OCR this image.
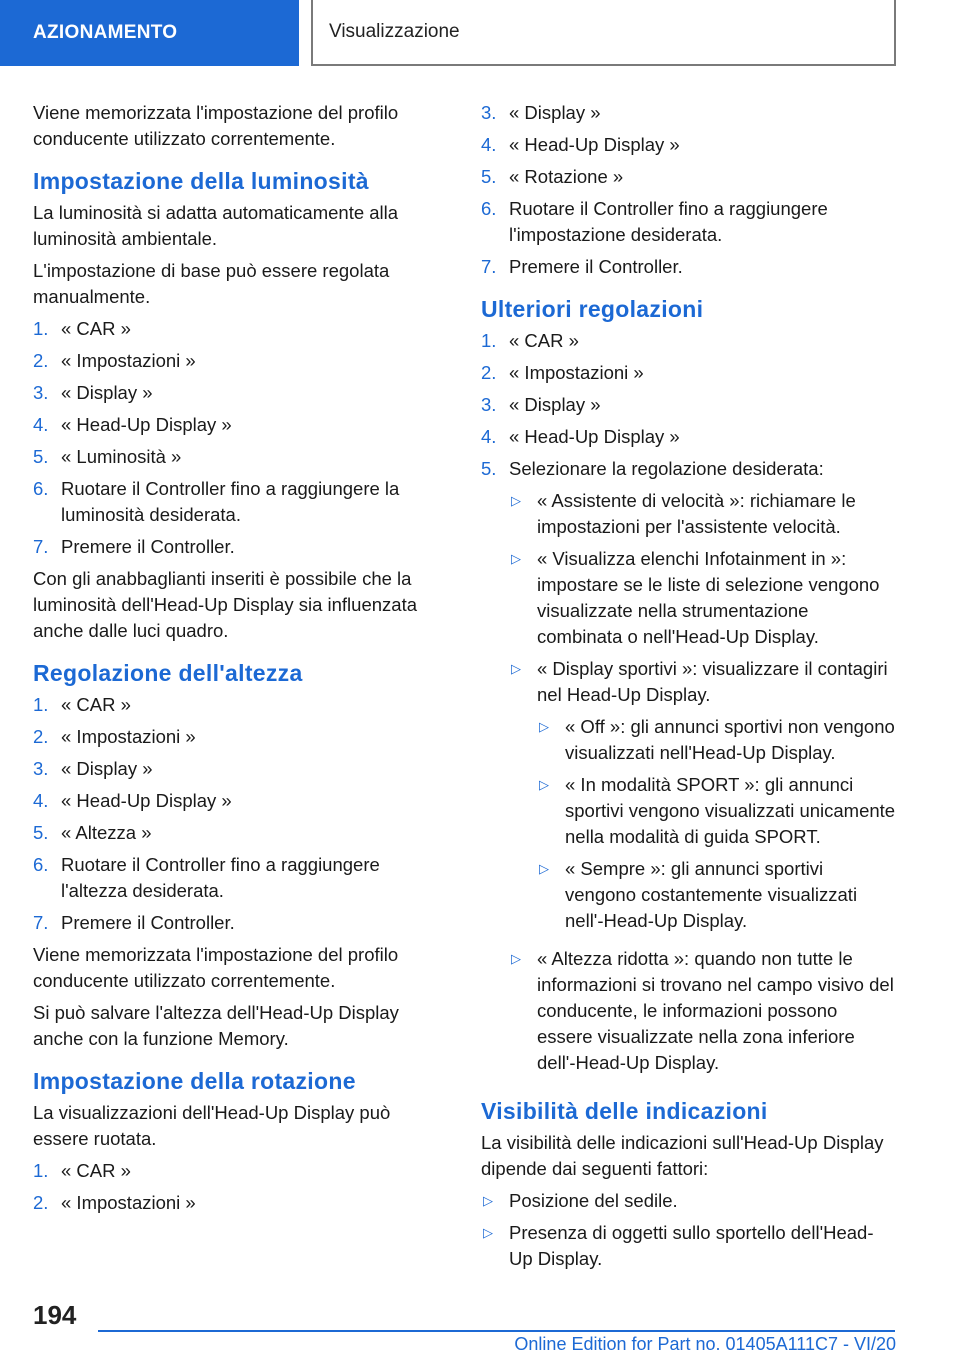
AZIONAMENTO	Visualizzazione

Viene memorizzata l'impostazione del profilo conducente utilizzato correntemente.

Impostazione della luminosità

La luminosità si adatta automaticamente alla luminosità ambientale.

L'impostazione di base può essere regolata manualmente.

1. « CAR »
2. « Impostazioni »
3. « Display »
4. « Head-Up Display »
5. « Luminosità »
6. Ruotare il Controller fino a raggiungere la luminosità desiderata.
7. Premere il Controller.

Con gli anabbaglianti inseriti è possibile che la luminosità dell'Head-Up Display sia influenzata anche dalle luci quadro.

Regolazione dell'altezza
1. « CAR »
2. « Impostazioni »
3. « Display »
4. « Head-Up Display »
5. « Altezza »
6. Ruotare il Controller fino a raggiungere l'altezza desiderata.
7. Premere il Controller.

Viene memorizzata l'impostazione del profilo conducente utilizzato correntemente.

Si può salvare l'altezza dell'Head-Up Display anche con la funzione Memory.

Impostazione della rotazione

La visualizzazioni dell'Head-Up Display può essere ruotata.

1. « CAR »
2. « Impostazioni »
3. « Display »
4. « Head-Up Display »
5. « Rotazione »
6. Ruotare il Controller fino a raggiungere l'impostazione desiderata.
7. Premere il Controller.
Ulteriori regolazioni
1. « CAR »
2. « Impostazioni »
3. « Display »
4. « Head-Up Display »
5. Selezionare la regolazione desiderata:
▷ « Assistente di velocità »: richiamare le impostazioni per l'assistente velocità.
▷ « Visualizza elenchi Infotainment in »: impostare se le liste di selezione vengono visualizzate nella strumentazione combinata o nell'Head-Up Display.
▷ « Display sportivi »: visualizzare il contagiri nel Head-Up Display.
▷ « Off »: gli annunci sportivi non vengono visualizzati nell'Head-Up Display.
▷ « In modalità SPORT »: gli annunci sportivi vengono visualizzati unicamente nella modalità di guida SPORT.
▷ « Sempre »: gli annunci sportivi vengono costantemente visualizzati nell'-Head-Up Display.
▷ « Altezza ridotta »: quando non tutte le informazioni si trovano nel campo visivo del conducente, le informazioni possono essere visualizzate nella zona inferiore dell'-Head-Up Display.
Visibilità delle indicazioni

La visibilità delle indicazioni sull'Head-Up Display dipende dai seguenti fattori:

▷ Posizione del sedile.
▷ Presenza di oggetti sullo sportello dell'Head-Up Display.
194
Online Edition for Part no. 01405A111C7 - VI/20
